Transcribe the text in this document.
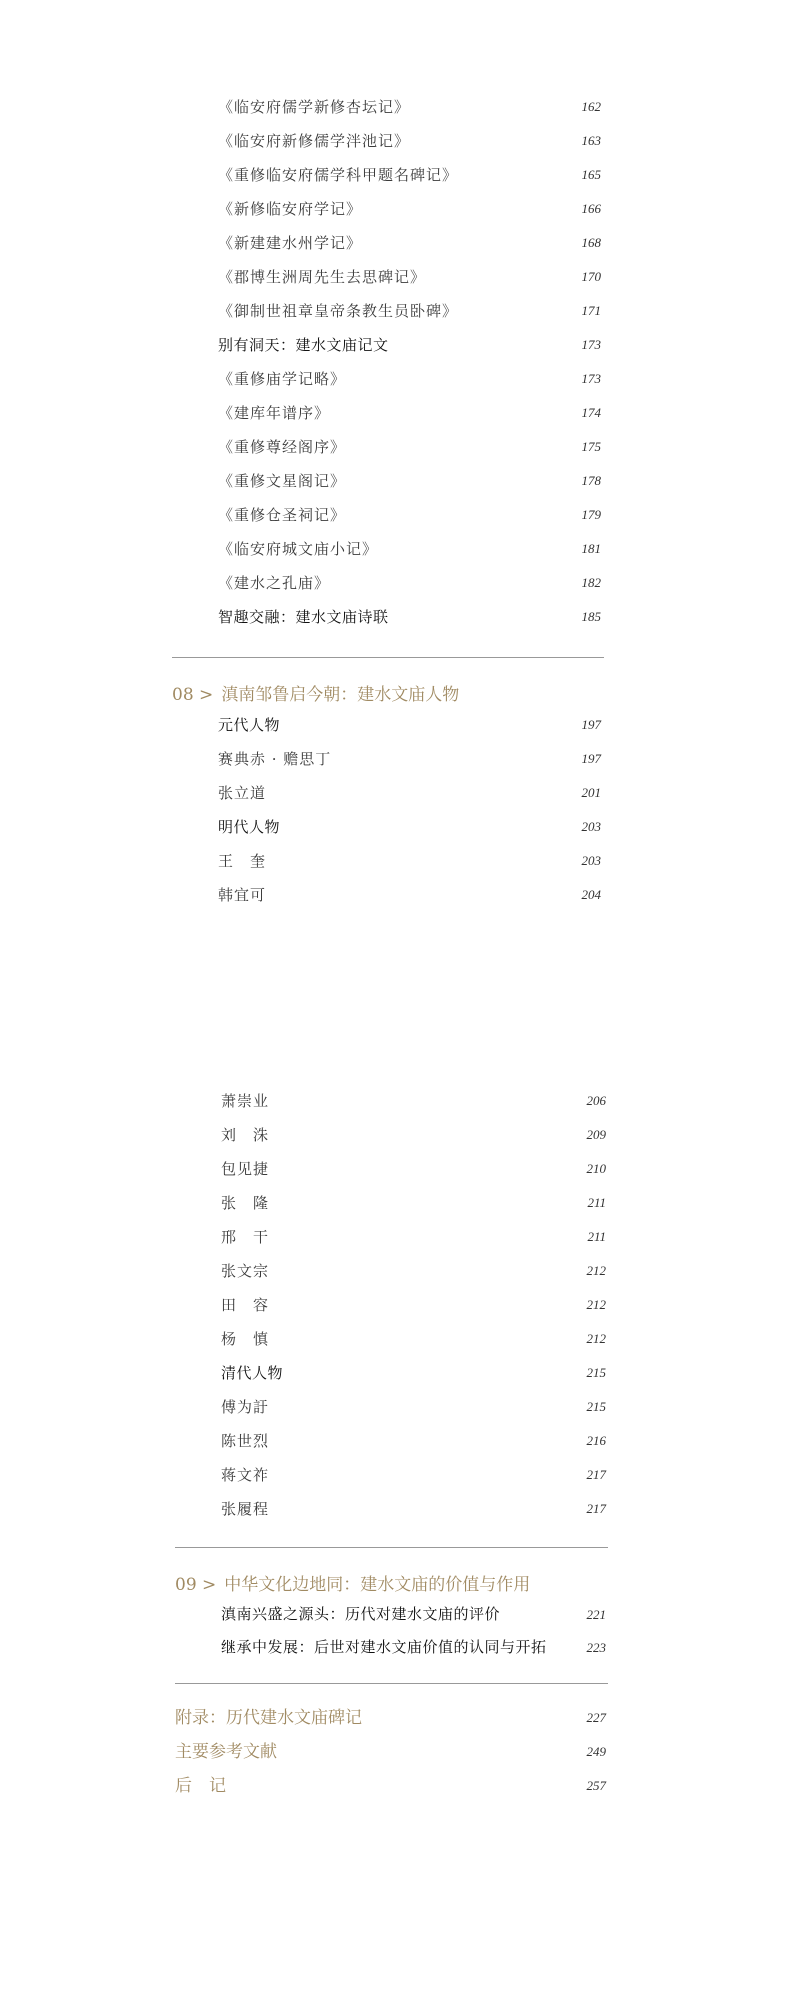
《临安府儒学新修杏坛记》	162
《临安府新修儒学泮池记》	163
《重修临安府儒学科甲题名碑记》	165
《新修临安府学记》	166
《新建建水州学记》	168
《郡博生洲周先生去思碑记》	170
《御制世祖章皇帝条教生员卧碑》	171
别有洞天：建水文庙记文	173
《重修庙学记略》	173
《建库年谱序》	174
《重修尊经阁序》	175
《重修文星阁记》	178
《重修仓圣祠记》	179
《临安府城文庙小记》	181
《建水之孔庙》	182
智趣交融：建水文庙诗联	185
08 > 滇南邹鲁启今朝：建水文庙人物
元代人物	197
赛典赤 · 赡思丁	197
张立道	201
明代人物	203
王　奎	203
韩宜可	204
萧崇业	206
刘　洙	209
包见捷	210
张　隆	211
邢　干	211
张文宗	212
田　容	212
杨　慎	212
清代人物	215
傅为訏	215
陈世烈	216
蒋文祚	217
张履程	217
09 > 中华文化边地同：建水文庙的价值与作用
滇南兴盛之源头：历代对建水文庙的评价	221
继承中发展：后世对建水文庙价值的认同与开拓	223
附录：历代建水文庙碑记	227
主要参考文献	249
后　记	257
